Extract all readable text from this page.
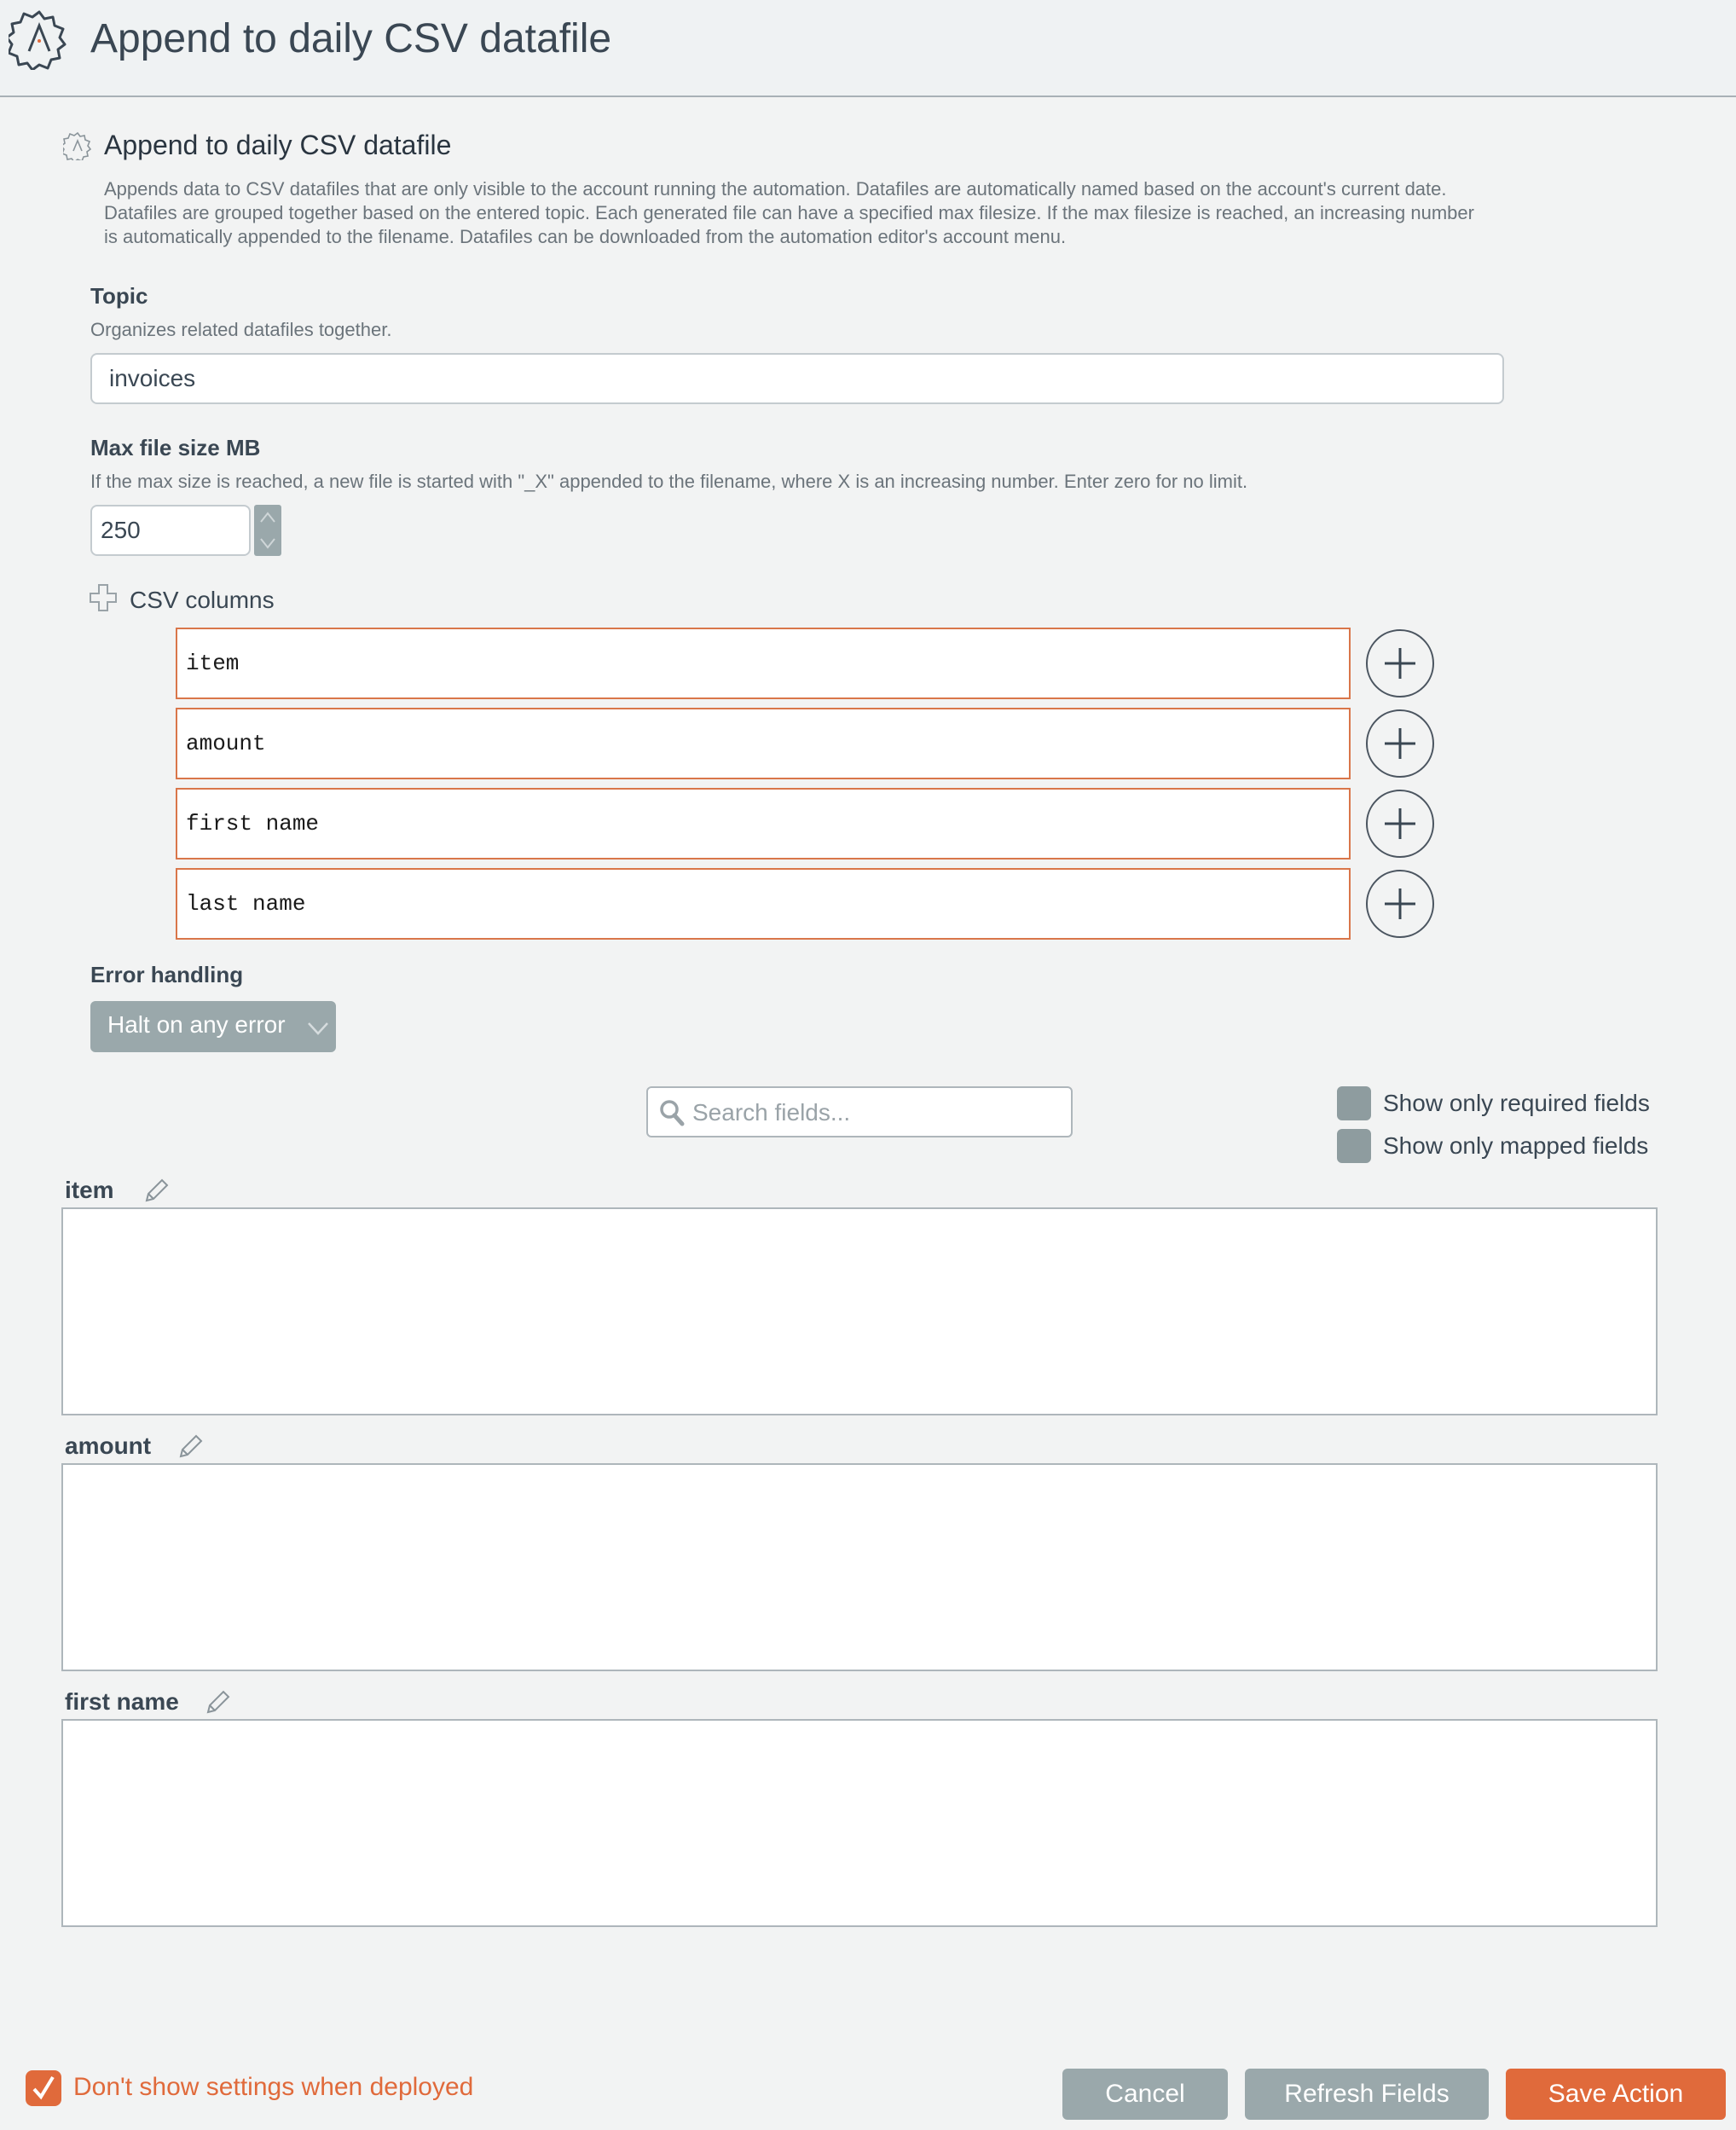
Append to daily CSV datafile
Append to daily CSV datafile
Appends data to CSV datafiles that are only visible to the account running the automation. Datafiles are automatically named based on the account's current date. Datafiles are grouped together based on the entered topic. Each generated file can have a specified max filesize. If the max filesize is reached, an increasing number is automatically appended to the filename. Datafiles can be downloaded from the automation editor's account menu.
Topic
Organizes related datafiles together.
invoices
Max file size MB
If the max size is reached, a new file is started with "_X" appended to the filename, where X is an increasing number. Enter zero for no limit.
250
CSV columns
item
amount
first name
last name
Error handling
Halt on any error
Search fields...
Show only required fields
Show only mapped fields
item
amount
first name
Don't show settings when deployed	Cancel	Refresh Fields	Save Action
